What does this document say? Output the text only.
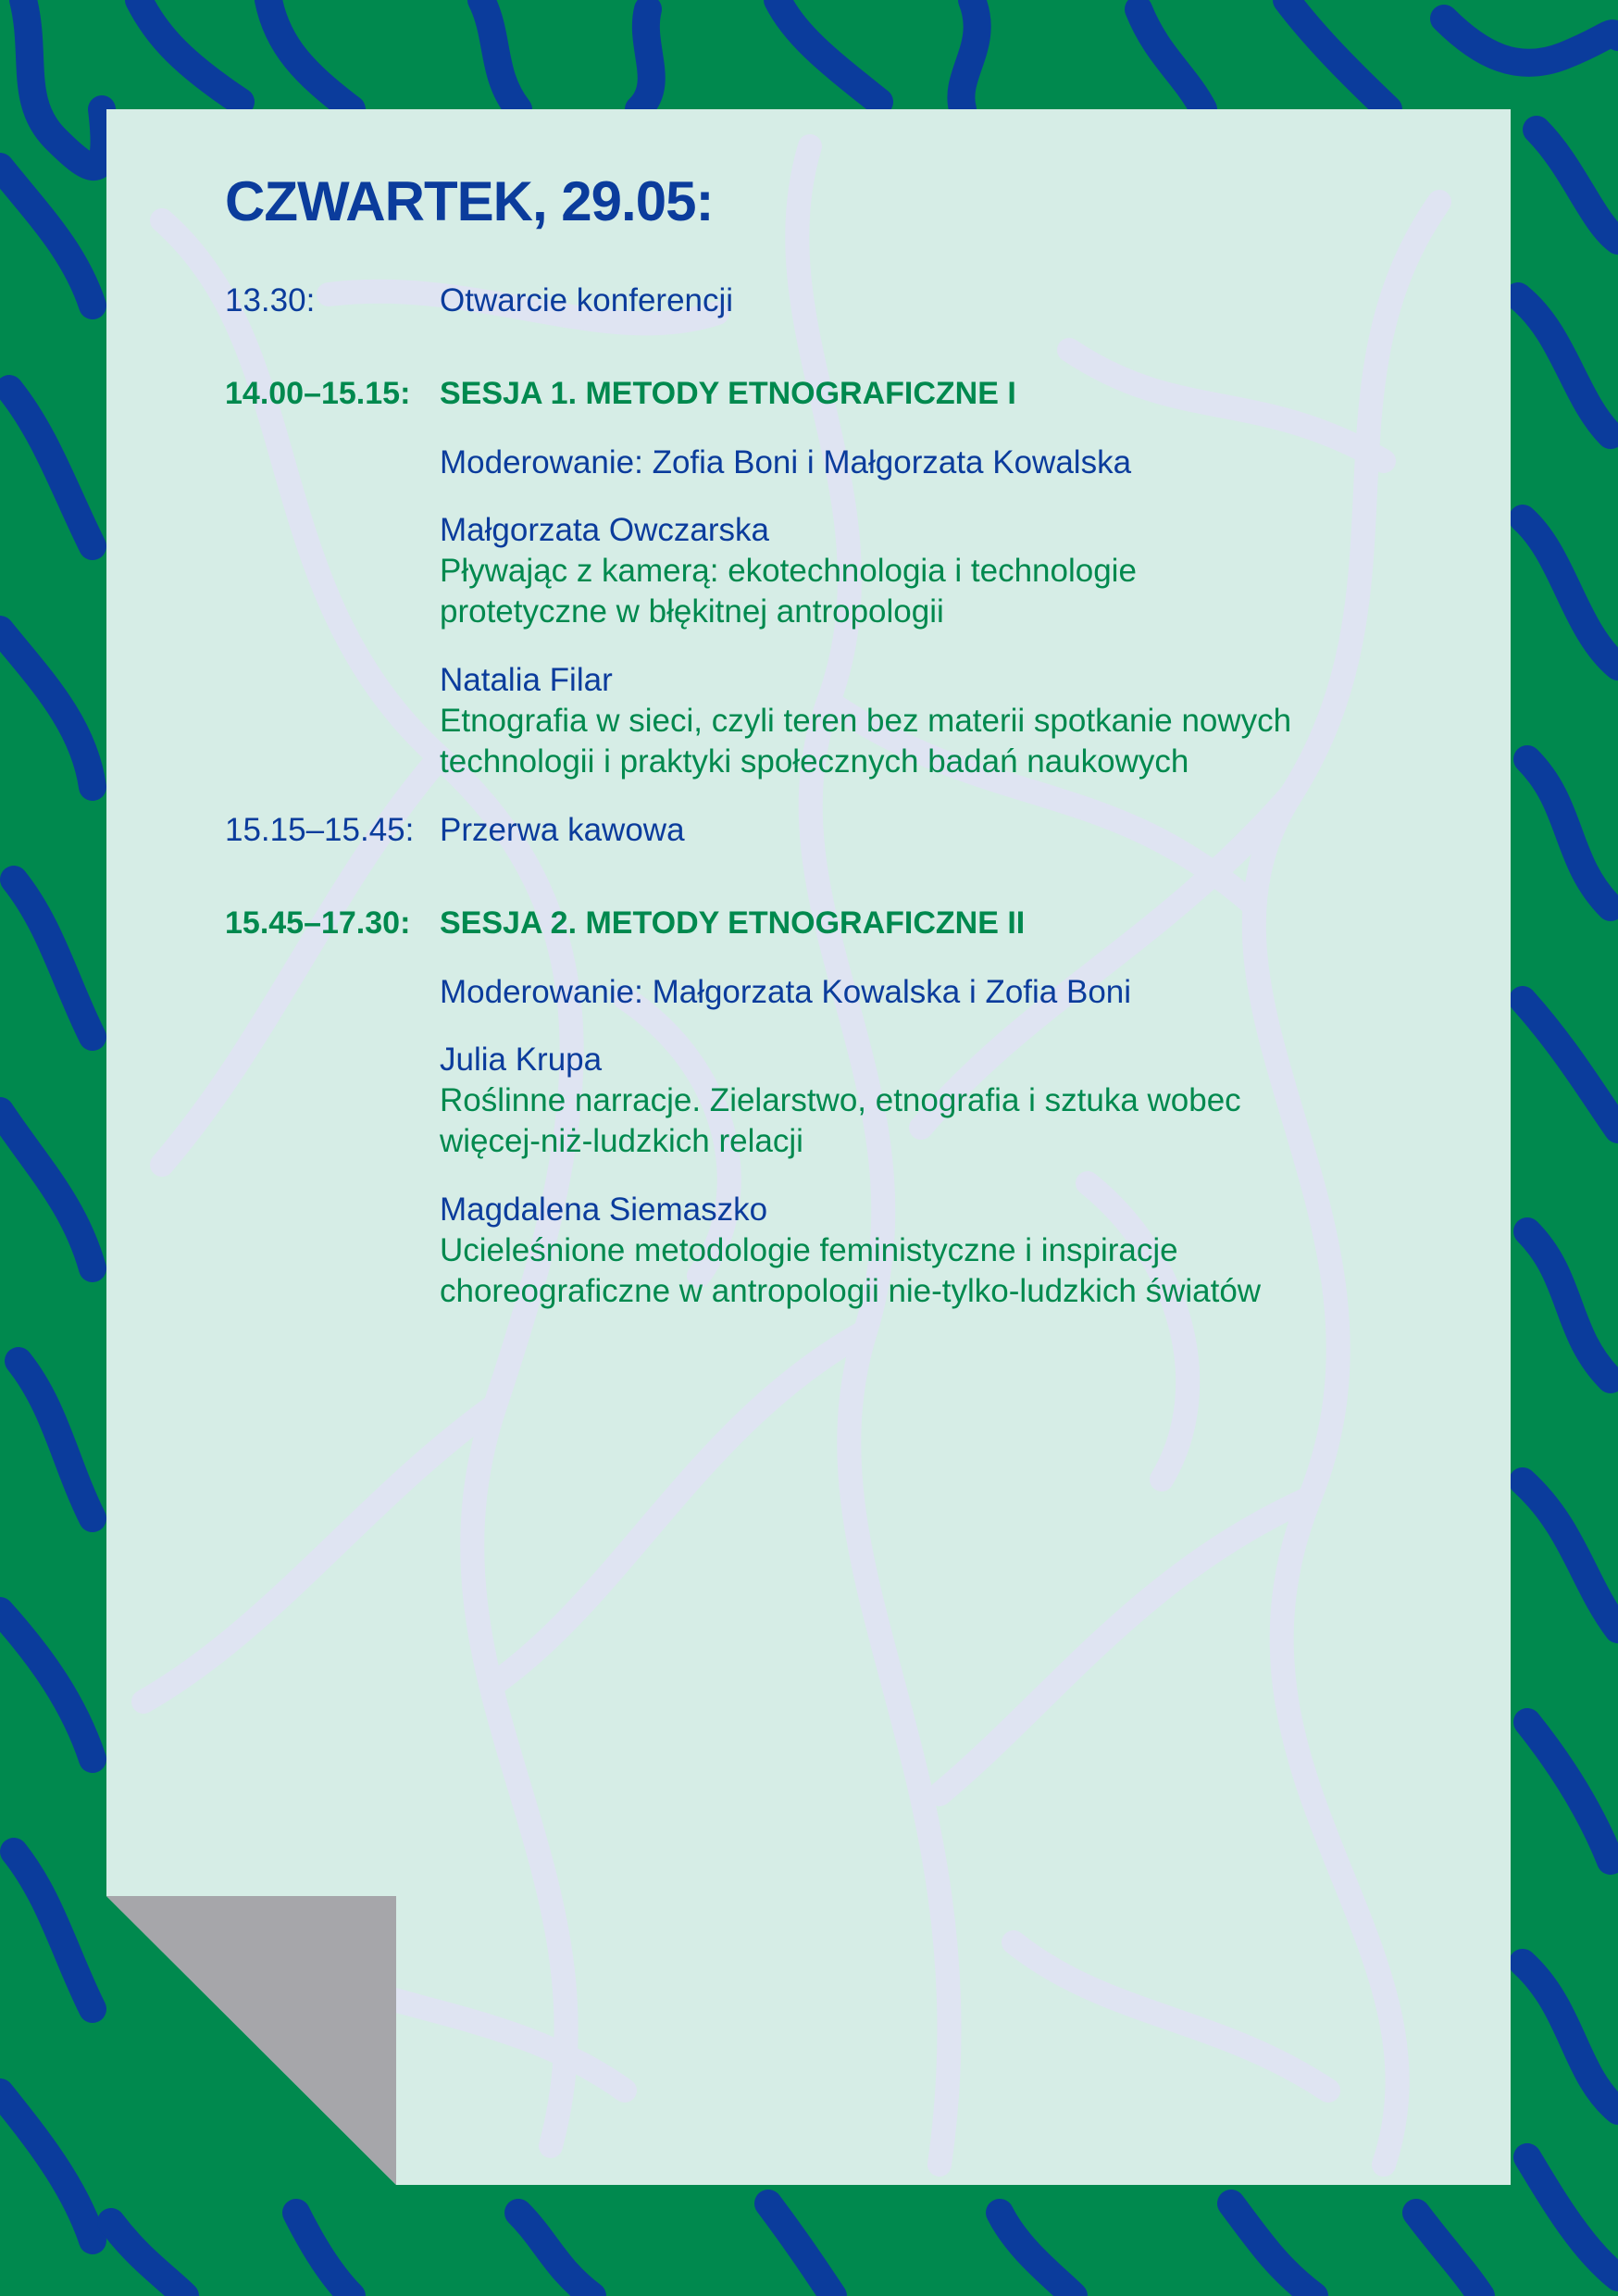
CZWARTEK, 29.05:
13.30:	Otwarcie konferencji
14.00–15.15: SESJA 1. METODY ETNOGRAFICZNE I
Moderowanie: Zofia Boni i Małgorzata Kowalska
Małgorzata Owczarska
Pływając z kamerą: ekotechnologia i technologie
protetyczne w błękitnej antropologii
Natalia Filar
Etnografia w sieci, czyli teren bez materii spotkanie nowych
technologii i praktyki społecznych badań naukowych
15.15–15.45: Przerwa kawowa
15.45–17.30: SESJA 2. METODY ETNOGRAFICZNE II
Moderowanie: Małgorzata Kowalska i Zofia Boni
Julia Krupa
Roślinne narracje. Zielarstwo, etnografia i sztuka wobec
więcej-niż-ludzkich relacji
Magdalena Siemaszko
Ucieleśnione metodologie feministyczne i inspiracje
choreograficzne w antropologii nie-tylko-ludzkich światów
